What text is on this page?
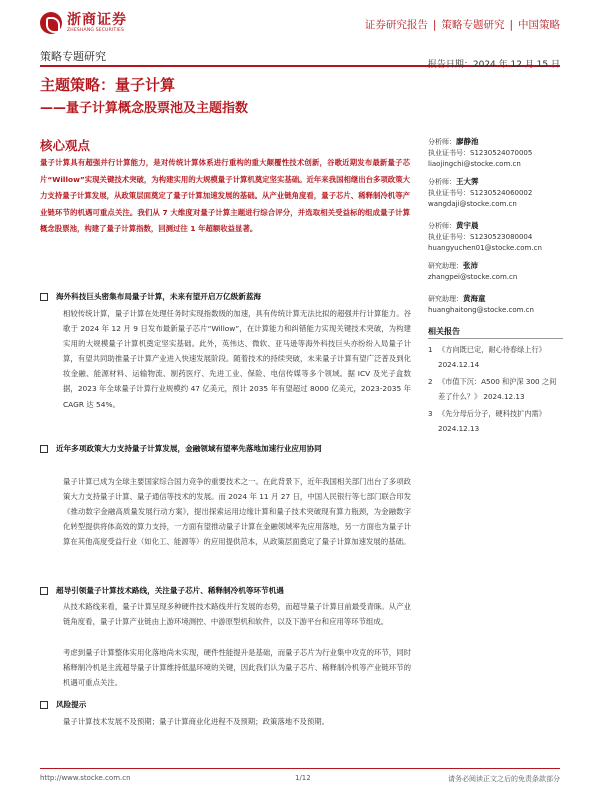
浙商证券
ZHESHANG SECURITIES	证券研究报告 | 策略专题研究 | 中国策略
策略专题研究
报告日期：2024 年 12 月 15 日
主题策略：量子计算
——量子计算概念股票池及主题指数
核心观点
量子计算具有超强并行计算能力，是对传统计算体系进行重构的重大颠覆性技术创新，谷歌近期发布最新量子芯片“Willow”实现关键技术突破，为构建实用的大规模量子计算机奠定坚实基础。近年来我国相继出台多项政策大力支持量子计算发展，从政策层面奠定了量子计算加速发展的基础。从产业链角度看，量子芯片、稀释制冷机等产业链环节的机遇可重点关注。我们从 7 大维度对量子计算主题进行综合评分，并选取相关受益标的组成量子计算概念股票池，构建了量子计算指数，回测过往 1 年超额收益显著。
海外科技巨头密集布局量子计算，未来有望开启万亿级新蓝海
相较传统计算，量子计算在处理任务时实现指数级的加速，具有传统计算无法比拟的超强并行计算能力。谷歌于 2024 年 12 月 9 日发布最新量子芯片“Willow”，在计算能力和纠错能力实现关键技术突破，为构建实用的大规模量子计算机奠定坚实基础。此外，英伟达、微软、亚马逊等海外科技巨头亦纷纷入局量子计算，有望共同助推量子计算产业进入快速发展阶段。随着技术的持续突破，未来量子计算有望广泛普及到化妆金融、能源材料、运输物流、制药医疗、先进工业、保险、电信传媒等多个领域。据 ICV 及光子盒数据，2023 年全球量子计算行业规模约 47 亿美元，预计 2035 年有望超过 8000 亿美元，2023-2035 年 CAGR 达 54%。
近年多项政策大力支持量子计算发展，金融领域有望率先落地加速行业应用协同
量子计算已成为全球主要国家综合国力竞争的重要技术之一。在此背景下，近年我国相关部门出台了多项政策大力支持量子计算、量子通信等技术的发展。而 2024 年 11 月 27 日，中国人民银行等七部门联合印发《推动数字金融高质量发展行动方案》，提出探索运用边缘计算和量子技术突破现有算力瓶颈，为金融数字化转型提供将体高效的算力支持，一方面有望推动量子计算在金融领域率先应用落地，另一方面也为量子计算在其他高度受益行业（如化工、能源等）的应用提供范本，从政策层面奠定了量子计算加速发展的基础。
超导引领量子计算技术路线，关注量子芯片、稀释制冷机等环节机遇
从技术路线来看，量子计算呈现多种硬件技术路线并行发展的态势，而超导量子计算目前最受青睐。从产业链角度看，量子计算产业链由上游环境测控、中游原型机和软件，以及下游平台和应用等环节组成。
考虑到量子计算整体实用化落地尚未实现，硬件性能提升是基础，而量子芯片为行业集中攻克的环节，同时稀释制冷机是主流超导量子计算维持低温环境的关键，因此我们认为量子芯片、稀释制冷机等产业链环节的机遇可重点关注。
风险提示
量子计算技术发展不及预期；量子计算商业化进程不及预期；政策落地不及预期。
分析师：廖静池
执业证书号：S1230524070005
liaojingchi@stocke.com.cn
分析师：王大霁
执业证书号：S1230524060002
wangdaji@stocke.com.cn
分析师：黄宇晨
执业证书号：S1230523080004
huangyuchen01@stocke.com.cn
研究助理：张沛
zhangpei@stocke.com.cn
研究助理：黄海童
huanghaitong@stocke.com.cn
相关报告
1 《方向既已定，耐心待春绿上行》 2024.12.14
2 《市值下沉：A500 和沪深 300 之间差了什么？》 2024.12.13
3 《先分母后分子，硬科技扩内需》 2024.12.13
http://www.stocke.com.cn	1/12	请务必阅读正文之后的免责条款部分
